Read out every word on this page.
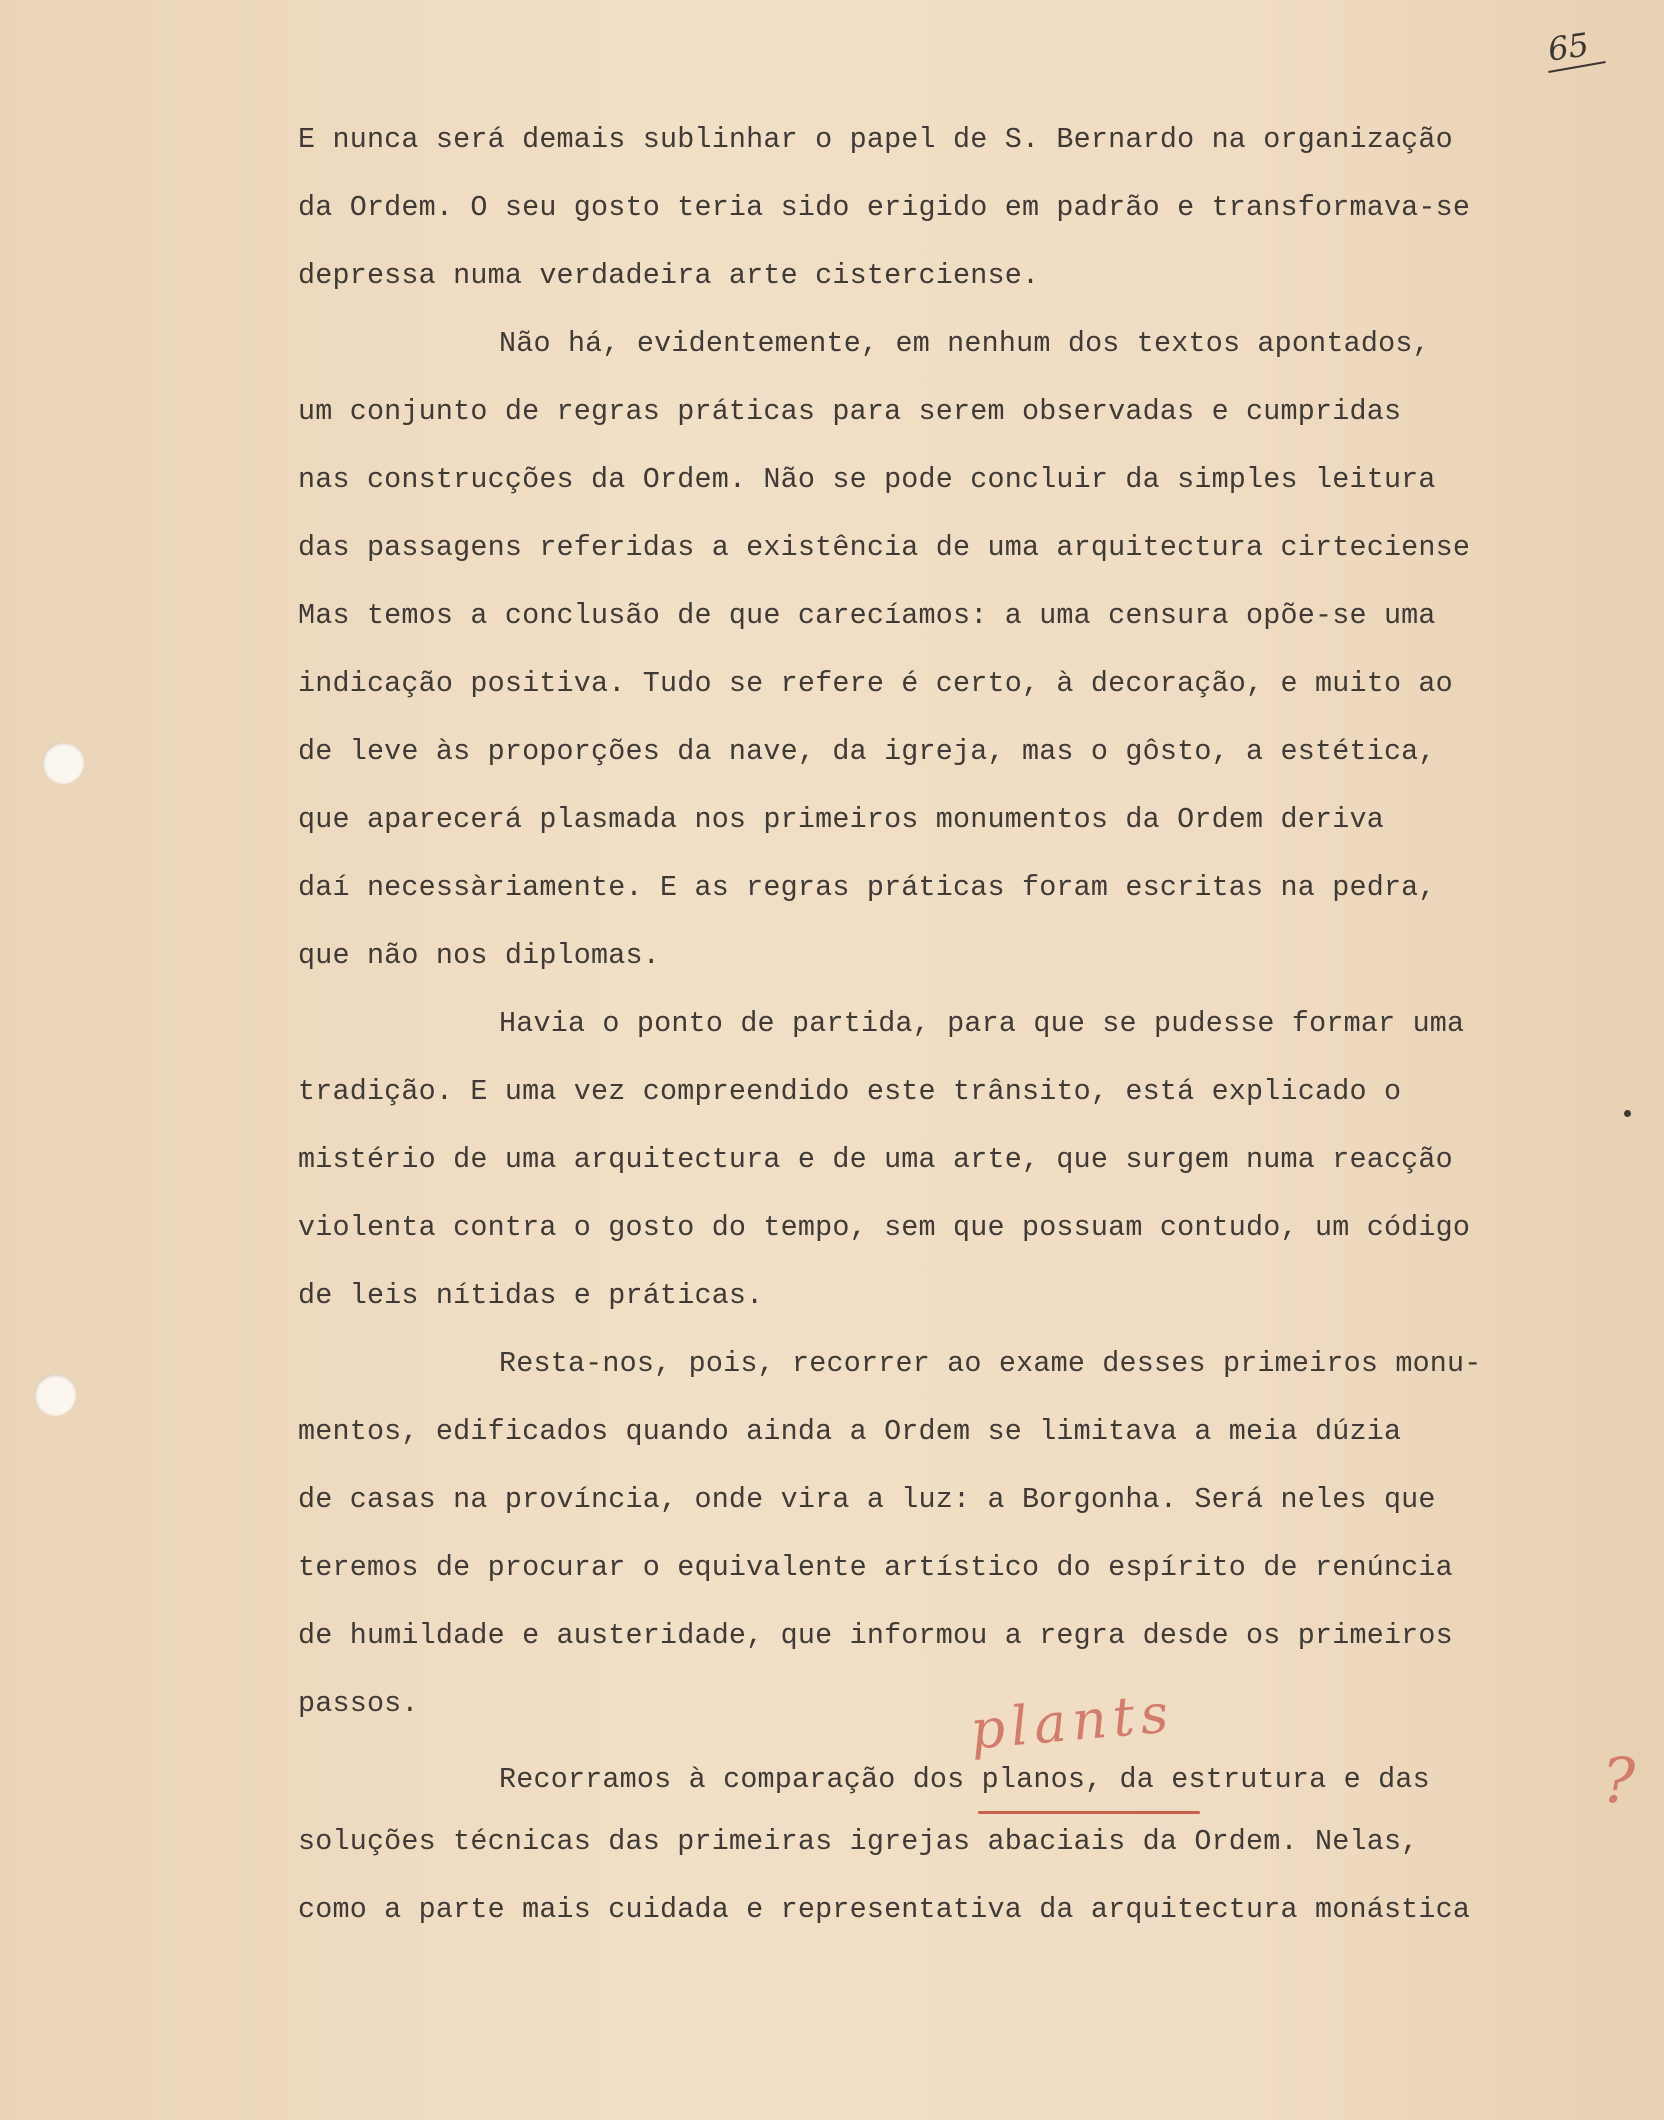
65
E nunca será demais sublinhar o papel de S. Bernardo na organização
da Ordem. O seu gosto teria sido erigido em padrão e transformava-se
depressa numa verdadeira arte cisterciense.
Não há, evidentemente, em nenhum dos textos apontados,
um conjunto de regras práticas para serem observadas e cumpridas
nas construcções da Ordem. Não se pode concluir da simples leitura
das passagens referidas a existência de uma arquitectura cirteciense
Mas temos a conclusão de que carecíamos: a uma censura opõe-se uma
indicação positiva. Tudo se refere é certo, à decoração, e muito ao
de leve às proporções da nave, da igreja, mas o gôsto, a estética,
que aparecerá plasmada nos primeiros monumentos da Ordem deriva
daí necessàriamente. E as regras práticas foram escritas na pedra,
que não nos diplomas.
Havia o ponto de partida, para que se pudesse formar uma
tradição. E uma vez compreendido este trânsito, está explicado o
mistério de uma arquitectura e de uma arte, que surgem numa reacção
violenta contra o gosto do tempo, sem que possuam contudo, um código
de leis nítidas e práticas.
Resta-nos, pois, recorrer ao exame desses primeiros monu-
mentos, edificados quando ainda a Ordem se limitava a meia dúzia
de casas na província, onde vira a luz: a Borgonha. Será neles que
teremos de procurar o equivalente artístico do espírito de renúncia
de humildade e austeridade, que informou a regra desde os primeiros
passos.
Recorramos à comparação dos planos, da estrutura e das
soluções técnicas das primeiras igrejas abaciais da Ordem. Nelas,
como a parte mais cuidada e representativa da arquitectura monástica
plants
?
